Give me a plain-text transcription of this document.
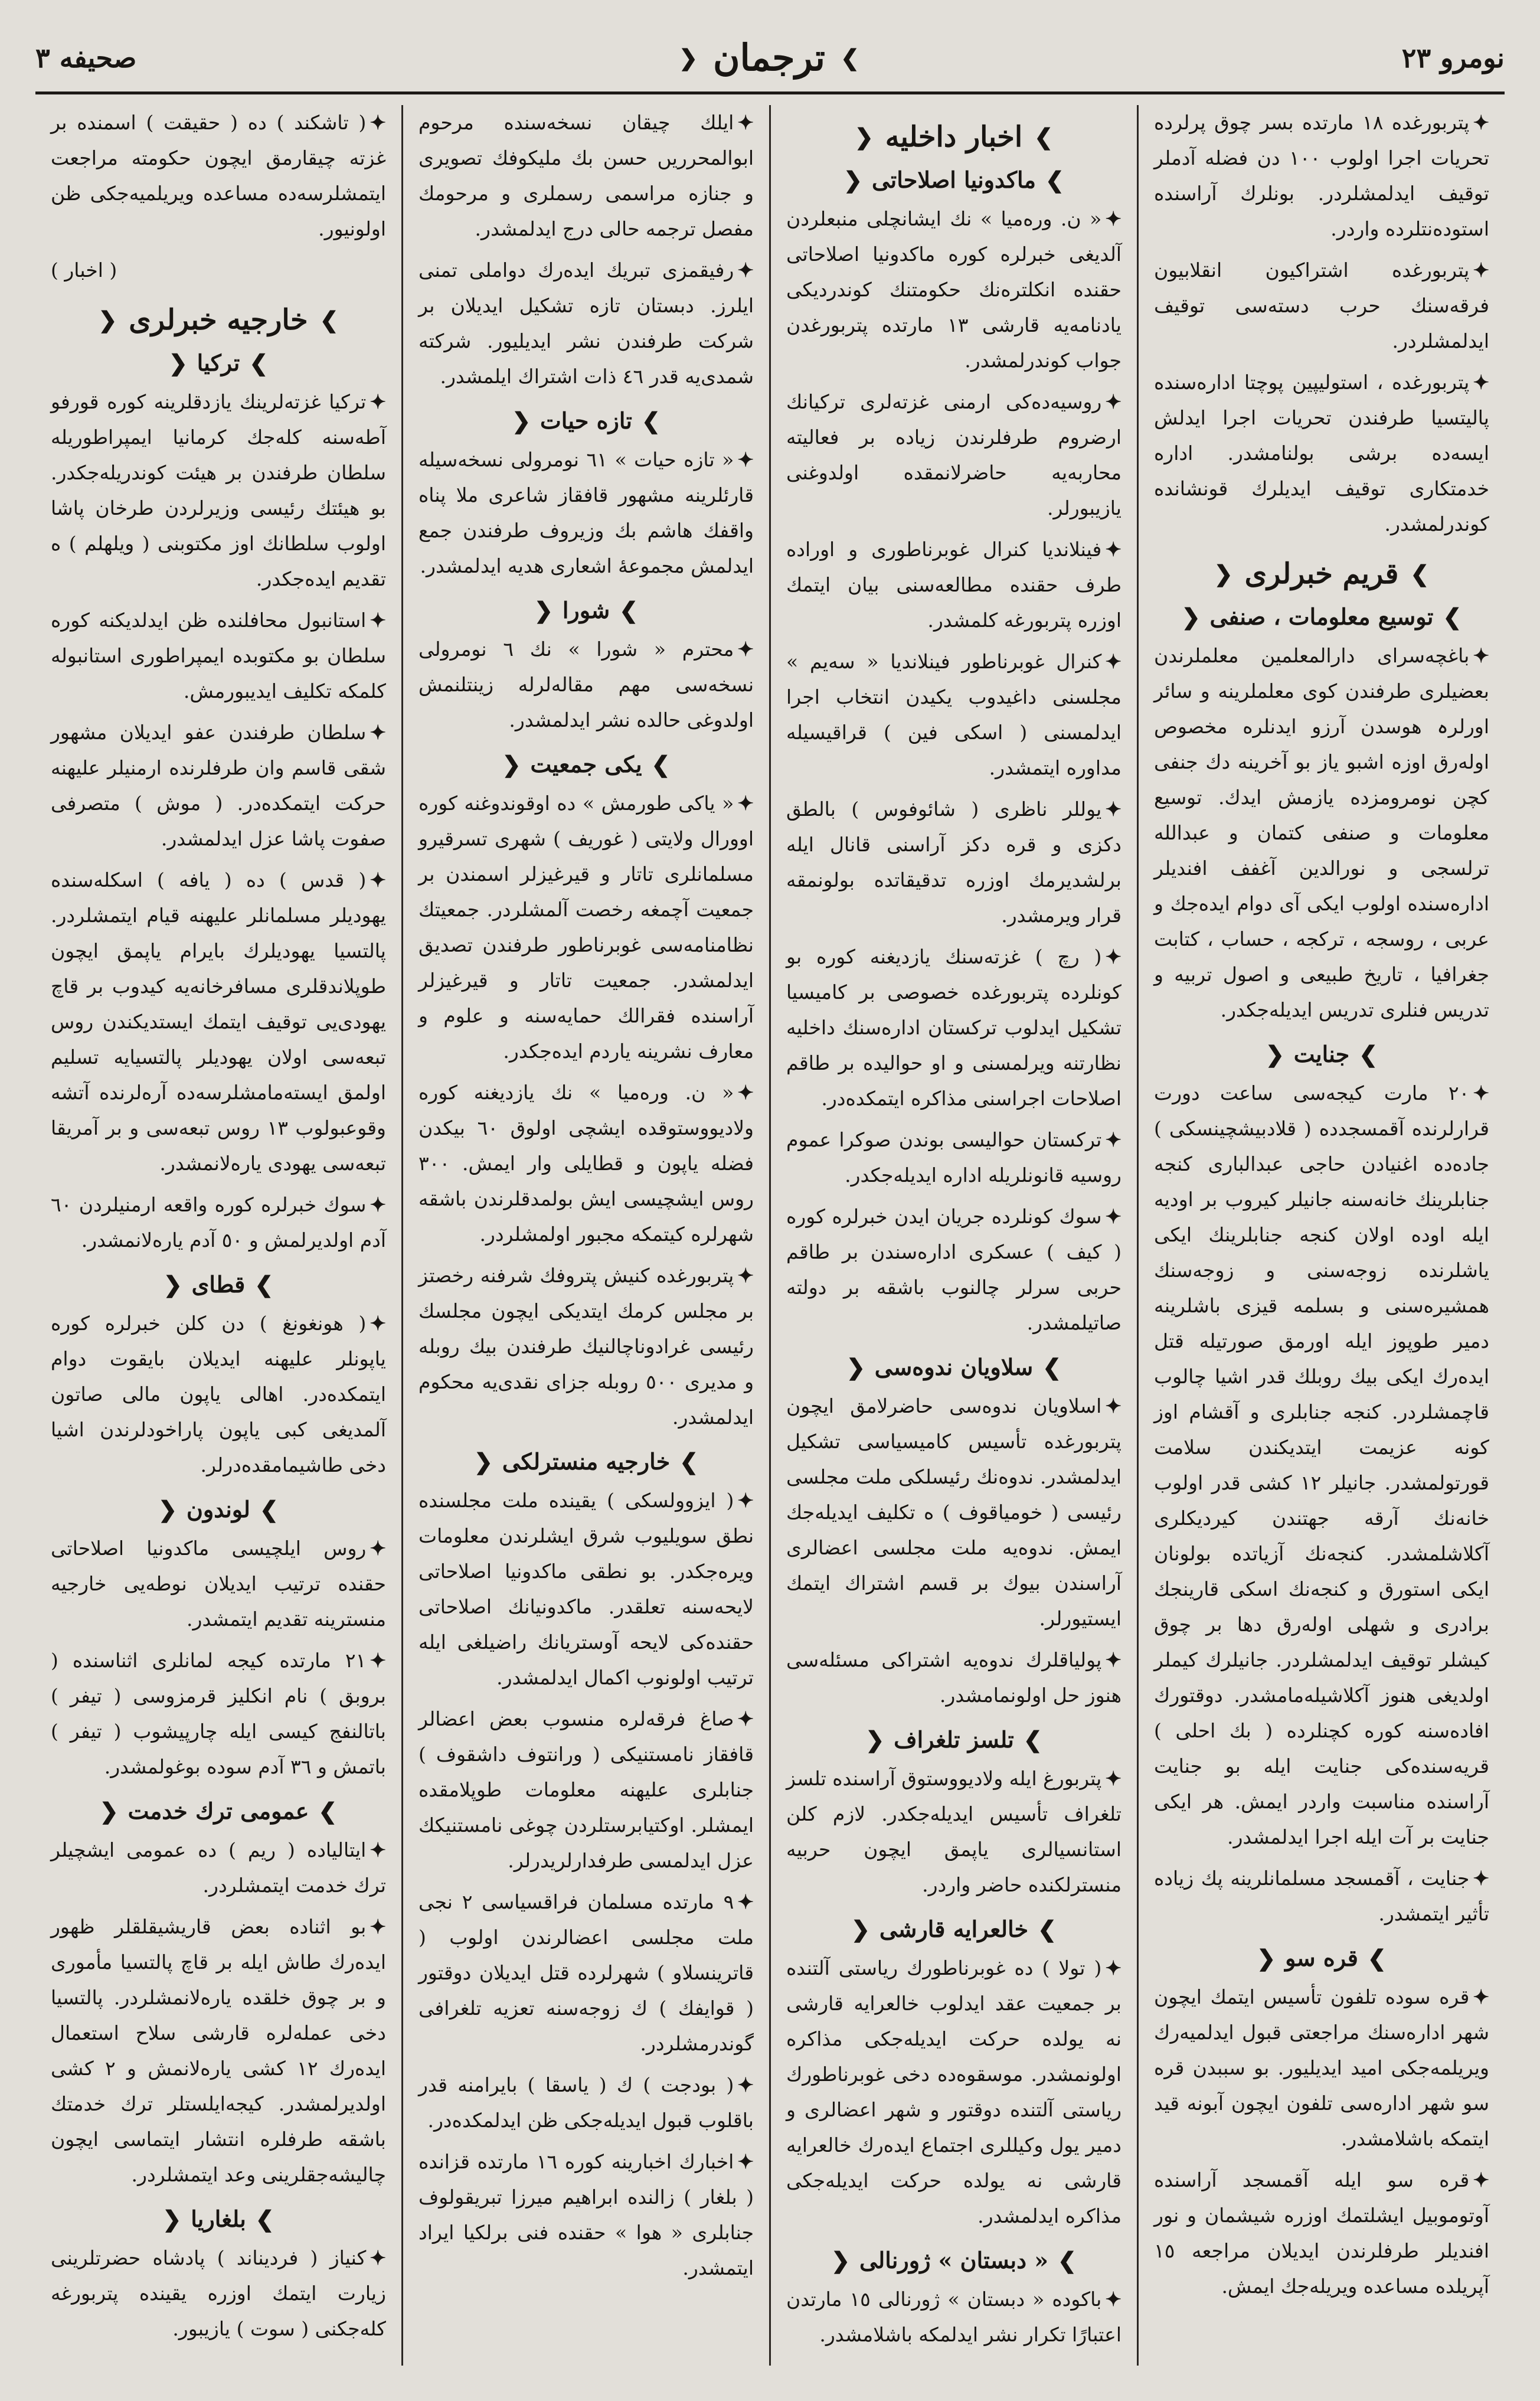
نومرو ٢٣
❯
ترجمان
❮
صحیفه ٣
✦پتربورغده ١٨ مارتده بسر چوق پرلرده تحریات اجرا اولوب ١٠٠ دن فضله آدملر توقیف ایدلمشلردر. بونلرك آراسنده استوده‌نتلرده واردر.
✦پتربورغده اشتراکیون انقلابیون فرقه‌سنك حرب دسته‌سی توقیف ایدلمشلردر.
✦پتربورغده ، استولیپین پوچتا اداره‌سنده پالیتسیا طرفندن تحریات اجرا ایدلش ایسه‌ده برشی بولنامشدر. اداره خدمتکاری توقیف ایدیلرك قونشانده کوندرلمشدر.
❯
قریم خبرلری
❮
❯
توسیع معلومات ، صنفی
❮
✦باغچه‌سرای دارالمعلمین معلملرندن بعضیلری طرفندن کوی معلملرینه و سائر اورلرہ هوسدن آرزو ایدنلره مخصوص اوله‌رق اوزه اشبو یاز بو آخرینه دك جنفی کچن نومرومزده یازمش ایدك. توسیع معلومات و صنفی کتمان و عبدالله ترلسجی و نورالدین آغفف افندیلر اداره‌سنده اولوب ایکی آی دوام ایده‌جك و عربی ، روسجه ، ترکجه ، حساب ، کتابت جغرافیا ، تاریخ طبیعی و اصول تربیه و تدریس فنلری تدریس ایدیله‌جکدر.
❯
جنایت
❮
✦٢٠ مارت کیجه‌سی ساعت دورت قرارلرنده آقمسجدده ( قلادبیشچینسکی ) جاده‌ده اغنیادن حاجی عبدالباری کنجه جنابلرینك خانه‌سنه جانیلر کیروب بر اودیه ایله اوده اولان کنجه جنابلرینك ایکی یاشلرنده زوجه‌سنی و زوجه‌سنك همشیره‌سنی و بسلمه قیزی باشلرینه دمیر طوپوز ایله اورمق صورتیله قتل ایده‌رك ایکی بیك روبلك قدر اشیا چالوب قاچمشلردر. کنجه جنابلری و آقشام اوز کونه عزیمت ایتدیکندن سلامت قورتولمشدر. جانیلر ١٢ کشی قدر اولوب خانه‌نك آرقه جهتندن کیردیکلری آکلاشلمشدر. کنجه‌نك آزیاتده بولونان ایکی استورق و کنجه‌نك اسکی قارینجك برادری و شهلی اوله‌رق دها بر چوق کیشلر توقیف ایدلمشلردر. جانیلرك کیملر اولدیغی هنوز آکلاشیله‌مامشدر. دوقتورك افاده‌سنه کوره کچنلرده ( بك احلی ) قریه‌سنده‌کی جنایت ایله بو جنایت آراسنده مناسبت واردر ایمش. هر ایکی جنایت بر آت ایله اجرا ایدلمشدر.
✦جنایت ، آقمسجد مسلمانلرینه پك زیاده تأثیر ایتمشدر.
❯
قره سو
❮
✦قره سوده تلفون تأسیس ایتمك ایچون شهر اداره‌سنك مراجعتی قبول ایدلمیه‌رك ویریلمه‌جکی امید ایدیلیور. بو سببدن قره سو شهر اداره‌سی تلفون ایچون آبونه قید ایتمکه باشلامشدر.
✦قره سو ایله آقمسجد آراسنده آوتوموبیل ایشلتمك اوزره شیشمان و نور افندیلر طرفلرندن ایدیلان مراجعه ١٥ آپریلده مساعده ویریله‌جك ایمش.
❯
اخبار داخلیه
❮
❯
ماکدونیا اصلاحاتی
❮
✦« ن. وره‌میا » نك ایشانچلی منبعلردن آلدیغی خبرلره کوره ماکدونیا اصلاحاتی حقنده انکلتره‌نك حکومتنك کوندردیکی یادنامه‌یه قارشی ١٣ مارتده پتربورغدن جواب کوندرلمشدر.
✦روسیه‌ده‌کی ارمنی غزته‌لری ترکیانك ارضروم طرفلرندن زیاده بر فعالیته محاربه‌یه حاضرلانمقده اولدوغنی یازیبورلر.
✦فینلاندیا کنرال غوبرناطوری و اوراده طرف حقنده مطالعه‌سنی بیان ایتمك اوزره پتربورغه کلمشدر.
✦کنرال غوبرناطور فینلاندیا « سه‌یم » مجلسنی داغیدوب یکیدن انتخاب اجرا ایدلمسنی ( اسکی فین ) قراقیسیله مداوره ایتمشدر.
✦یوللر ناظری ( شائوفوس ) بالطق دکزی و قره دکز آراسنی قانال ایله برلشدیرمك اوزره تدقیقاتده بولونمقه قرار ویرمشدر.
✦( رچ ) غزته‌سنك یازدیغنه کوره بو کونلرده پتربورغده خصوصی بر کامیسیا تشکیل ایدلوب ترکستان اداره‌سنك داخلیه نظارتنه ویرلمسنی و او حوالیده بر طاقم اصلاحات اجراسنی مذاکره ایتمکده‌در.
✦ترکستان حوالیسی بوندن صوکرا عموم روسیه قانونلریله اداره ایدیله‌جکدر.
✦سوك کونلرده جریان ایدن خبرلره کوره ( کیف ) عسکری اداره‌سندن بر طاقم حربی سرلر چالنوب باشقه بر دولته صاتیلمشدر.
❯
سلاویان ندوه‌سی
❮
✦اسلاویان ندوه‌سی حاضرلامق ایچون پتربورغده تأسیس کامیسیاسی تشکیل ایدلمشدر. ندوه‌نك رئیسلکی ملت مجلسی رئیسی ( خومیاقوف ) ه تکلیف ایدیله‌جك ایمش. ندوه‌یه ملت مجلسی اعضالری آراسندن بیوك بر قسم اشتراك ایتمك ایستیورلر.
✦پولیاقلرك ندوه‌یه اشتراکی مسئله‌سی هنوز حل اولونمامشدر.
❯
تلسز تلغراف
❮
✦پتربورغ ایله ولادیووستوق آراسنده تلسز تلغراف تأسیس ایدیله‌جکدر. لازم کلن استانسیالری یاپمق ایچون حربیه منسترلکنده حاضر واردر.
❯
خالعرایه قارشی
❮
✦( تولا ) ده غوبرناطورك ریاستی آلتنده بر جمعیت عقد ایدلوب خالعرایه قارشی نه یولده حرکت ایدیله‌جکی مذاکره اولونمشدر. موسقوه‌ده دخی غوبرناطورك ریاستی آلتنده دوقتور و شهر اعضالری و دمیر یول وکیللری اجتماع ایده‌رك خالعرایه قارشی نه یولده حرکت ایدیله‌جکی مذاکره ایدلمشدر.
❯
« دبستان » ژورنالی
❮
✦باکوده « دبستان » ژورنالی ١٥ مارتدن اعتبارًا تکرار نشر ایدلمکه باشلامشدر.
✦ایلك چیقان نسخه‌سنده مرحوم ابوالمحرریں حسن بك ملیکوفك تصویری و جنازه مراسمی رسملری و مرحومك مفصل ترجمه حالی درج ایدلمشدر.
✦رفیقمزی تبریك ایده‌رك دواملی تمنی ایلرز. دبستان تازه تشکیل ایدیلان بر شرکت طرفندن نشر ایدیلیور. شرکته شمدی‌یه قدر ٤٦ ذات اشتراك ایلمشدر.
❯
تازه حیات
❮
✦« تازه حیات » ٦١ نومرولی نسخه‌سیله قارئلرینه مشهور قافقاز شاعری ملا پناه واقفك هاشم بك وزیروف طرفندن جمع ایدلمش مجموعهٔ اشعاری هدیه ایدلمشدر.
❯
شورا
❮
✦محترم « شورا » نك ٦ نومرولی نسخه‌سی مهم مقاله‌لرله زینتلنمش اولدوغی حالده نشر ایدلمشدر.
❯
یکی جمعیت
❮
✦« یاکی طورمش » ده اوقوندوغنه کوره اوورال ولایتی ( غوریف ) شهری تسرقیرو مسلمانلری تاتار و قیرغیزلر اسمندن بر جمعیت آچمغه رخصت آلمشلردر. جمعیتك نظامنامه‌سی غوبرناطور طرفندن تصدیق ایدلمشدر. جمعیت تاتار و قیرغیزلر آراسنده فقرالك حمایه‌سنه و علوم و معارف نشرینه یاردم ایده‌جکدر.
✦« ن. وره‌میا » نك یازدیغنه کوره ولادیووستوقده ایشچی اولوق ٦٠ بیکدن فضله یاپون و قطایلی وار ایمش. ٣٠٠ روس ایشچیسی ایش بولمدقلرندن باشقه شهرلره کیتمکه مجبور اولمشلردر.
✦پتربورغده کنیش پتروفك شرفنه رخصتز بر مجلس کرمك ایتدیکی ایچون مجلسك رئیسی غرادوناچالنیك طرفندن بیك روبله و مدیری ٥٠٠ روبله جزای نقدی‌یه محکوم ایدلمشدر.
❯
خارجیه منسترلکی
❮
✦( ایزوولسکی ) یقینده ملت مجلسنده نطق سویلیوب شرق ایشلرندن معلومات ویره‌جکدر. بو نطقی ماکدونیا اصلاحاتی لایحه‌سنه تعلقدر. ماکدونیانك اصلاحاتی حقنده‌کی لایحه آوستریانك راضیلغی ایله ترتیب اولونوب اکمال ایدلمشدر.
✦صاغ فرقه‌لره منسوب بعض اعضالر قافقاز نامستنیکی ( ورانتوف داشقوف ) جنابلری علیهنه معلومات طوپلامقده ایمشلر. اوکتیابرستلردن چوغی نامستنیکك عزل ایدلمسی طرفدارلریدرلر.
✦٩ مارتده مسلمان فراقسیاسی ٢ نجی ملت مجلسی اعضالرندن اولوب ( قاترینسلاو ) شهرلرده قتل ایدیلان دوقتور ( قوایفك ) ك زوجه‌سنه تعزیه تلغرافی گوندرمشلردر.
✦( بودجت ) ك ( یاسقا ) بایرامنه قدر باقلوب قبول ایدیله‌جکی ظن ایدلمکده‌در.
✦اخبارك اخبارینه کوره ١٦ مارتده قزانده ( بلغار ) زالنده ابراهیم میرزا تبریقولوف جنابلری « هوا » حقنده فنی برلکیا ایراد ایتمشدر.
✦( تاشکند ) ده ( حقیقت ) اسمنده بر غزته چیقارمق ایچون حکومته مراجعت ایتمشلرسه‌ده مساعده ویریلمیه‌جکی ظن اولونیور.
( اخبار )
❯
خارجیه خبرلری
❮
❯
ترکیا
❮
✦ترکیا غزته‌لرینك یازدقلرینه کوره قورفو آطه‌سنه کله‌جك کرمانیا ایمپراطوریله سلطان طرفندن بر هیئت کوندریله‌جکدر. بو هیئتك رئیسی وزیرلردن طرخان پاشا اولوب سلطانك اوز مکتوبنی ( ویلهلم ) ه تقدیم ایده‌جکدر.
✦استانبول محافلنده ظن ایدلدیکنه کوره سلطان بو مکتوبده ایمپراطوری استانبوله کلمکه تکلیف ایدیبورمش.
✦سلطان طرفندن عفو ایدیلان مشهور شقی قاسم وان طرفلرنده ارمنیلر علیهنه حرکت ایتمکده‌در. ( موش ) متصرفی صفوت پاشا عزل ایدلمشدر.
✦( قدس ) ده ( یافه ) اسکله‌سنده یهودیلر مسلمانلر علیهنه قیام ایتمشلردر. پالتسیا یهودیلرك بایرام یاپمق ایچون طوپلاندقلری مسافرخانه‌یه کیدوب بر قاچ یهودی‌یی توقیف ایتمك ایستدیکندن روس تبعه‌سی اولان یهودیلر پالتسیایه تسلیم اولمق ایسته‌مامشلرسه‌ده آره‌لرنده آتشه وقوعبولوب ١٣ روس تبعه‌سی و بر آمریقا تبعه‌سی یهودی یاره‌لانمشدر.
✦سوك خبرلره کوره واقعه ارمنیلردن ٦٠ آدم اولدیرلمش و ٥٠ آدم یاره‌لانمشدر.
❯
قطای
❮
✦( هونغونغ ) دن کلن خبرلره کوره یاپونلر علیهنه ایدیلان بایقوت دوام ایتمکده‌در. اهالی یاپون مالی صاتون آلمدیغی کبی یاپون پاراخودلرندن اشیا دخی طاشیمامقده‌درلر.
❯
لوندون
❮
✦روس ایلچیسی ماکدونیا اصلاحاتی حقنده ترتیب ایدیلان نوطه‌یی خارجیه منسترینه تقدیم ایتمشدر.
✦٢١ مارتده کیجه لمانلری اثناسنده ( بروبق ) نام انکلیز قرمزوسی ( تیفر ) باتالنفج کیسی ایله چارپیشوب ( تیفر ) باتمش و ٣٦ آدم سوده بوغولمشدر.
❯
عمومی ترك خدمت
❮
✦ایتالیاده ( ریم ) ده عمومی ایشچیلر ترك خدمت ایتمشلردر.
✦بو اثناده بعض قاریشیقلقلر ظهور ایده‌رك طاش ایله بر قاچ پالتسیا مأموری و بر چوق خلقده یاره‌لانمشلردر. پالتسیا دخی عمله‌لره قارشی سلاح استعمال ایده‌رك ١٢ کشی یاره‌لانمش و ٢ کشی اولدیرلمشدر. کیجه‌ایلستلر ترك خدمتك باشقه طرفلره انتشار ایتماسی ایچون چالیشه‌جقلرینی وعد ایتمشلردر.
❯
بلغاریا
❮
✦کنیاز ( فردیناند ) پادشاه حضرتلرینی زیارت ایتمك اوزره یقینده پتربورغه کله‌جکنی ( سوت ) یازیبور.
